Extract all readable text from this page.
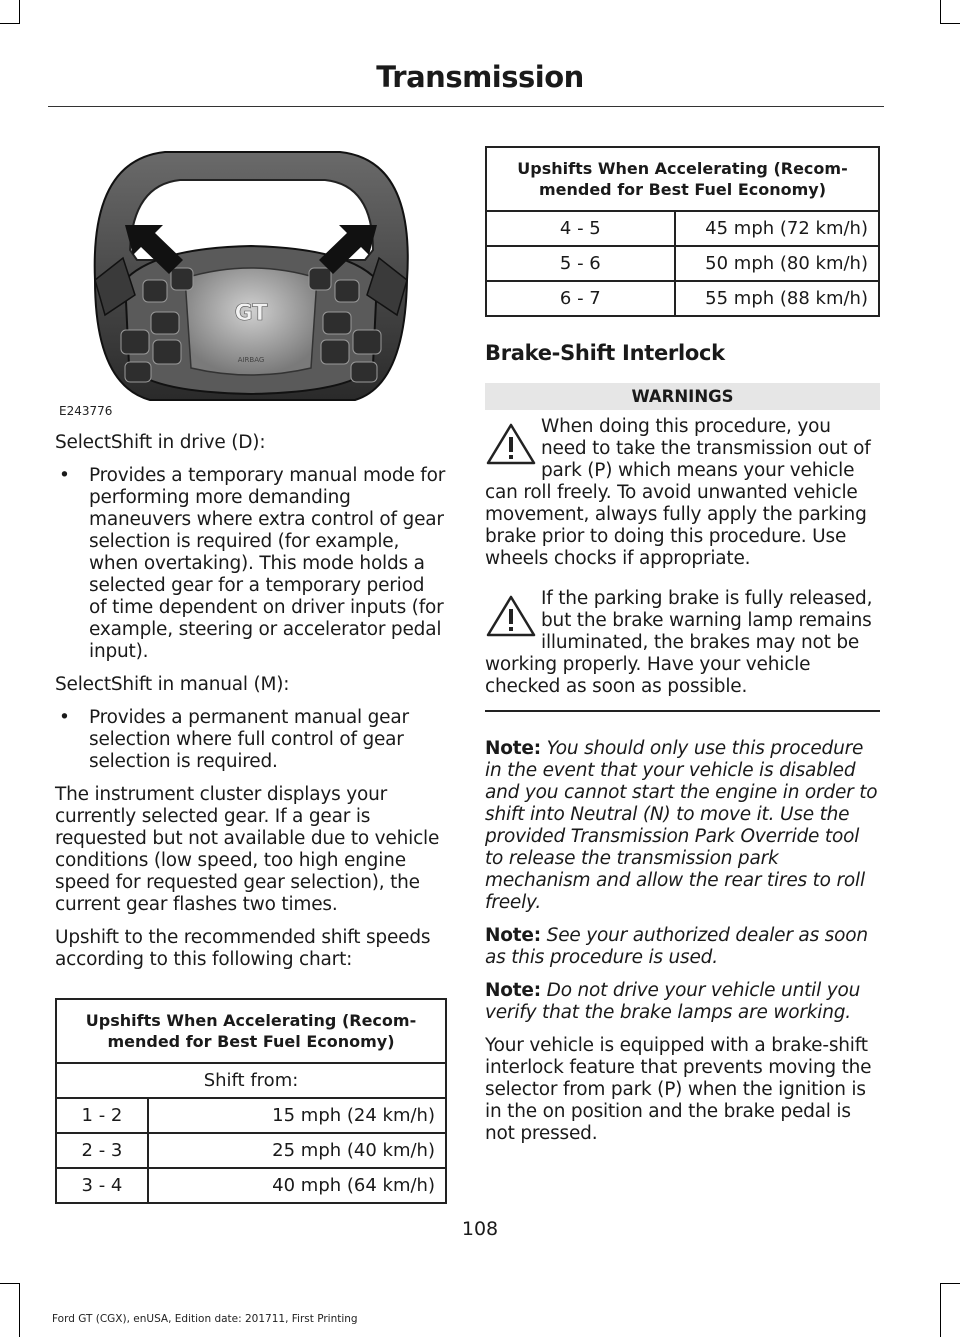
Transmission
GT
AIRBAG
E243776

SelectShift in drive (D):

• Provides a temporary manual mode for performing more demanding maneuvers where extra control of gear selection is required (for example, when overtaking). This mode holds a selected gear for a temporary period of time dependent on driver inputs (for example, steering or accelerator pedal input).

SelectShift in manual (M):

• Provides a permanent manual gear selection where full control of gear selection is required.

The instrument cluster displays your currently selected gear. If a gear is requested but not available due to vehicle conditions (low speed, too high engine speed for requested gear selection), the current gear flashes two times.

Upshift to the recommended shift speeds according to this following chart:

Upshifts When Accelerating (Recom-mended for Best Fuel Economy)	
Shift from:	
1 - 2	15 mph (24 km/h)
2 - 3	25 mph (40 km/h)
3 - 4	40 mph (64 km/h)
Upshifts When Accelerating (Recom-mended for Best Fuel Economy)	
4 - 5	45 mph (72 km/h)
5 - 6	50 mph (80 km/h)
6 - 7	55 mph (88 km/h)
Brake-Shift Interlock
WARNINGS
When doing this procedure, you need to take the transmission out of park (P) which means your vehicle can roll freely. To avoid unwanted vehicle movement, always fully apply the parking brake prior to doing this procedure. Use wheels chocks if appropriate.
If the parking brake is fully released, but the brake warning lamp remains illuminated, the brakes may not be working properly. Have your vehicle checked as soon as possible.

Note: You should only use this procedure in the event that your vehicle is disabled and you cannot start the engine in order to shift into Neutral (N) to move it. Use the provided Transmission Park Override tool to release the transmission park mechanism and allow the rear tires to roll freely.

Note: See your authorized dealer as soon as this procedure is used.

Note: Do not drive your vehicle until you verify that the brake lamps are working.

Your vehicle is equipped with a brake-shift interlock feature that prevents moving the selector from park (P) when the ignition is in the on position and the brake pedal is not pressed.

108
Ford GT (CGX), enUSA, Edition date: 201711, First Printing
